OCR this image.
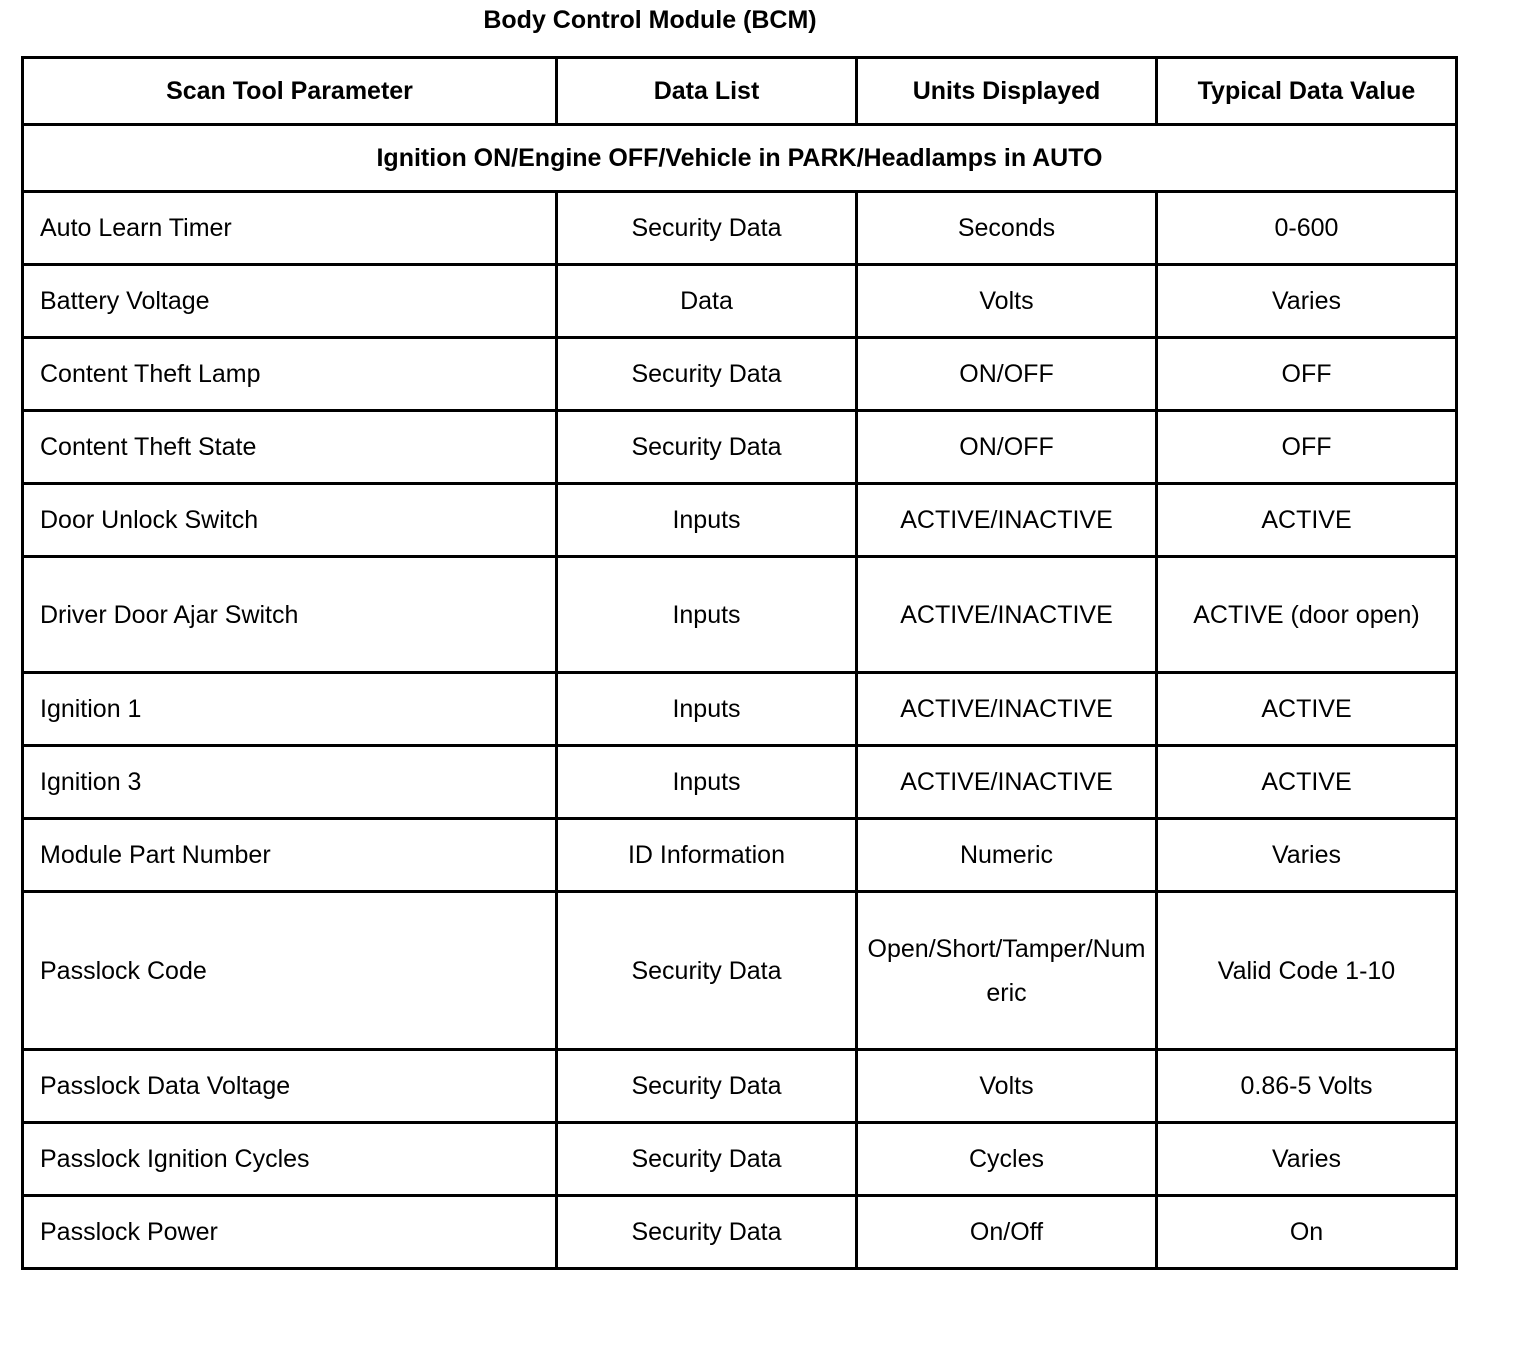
Body Control Module (BCM)
Scan Tool Parameter	Data List	Units Displayed	Typical Data Value
Ignition ON/Engine OFF/Vehicle in PARK/Headlamps in AUTO			
Auto Learn Timer	Security Data	Seconds	0-600
Battery Voltage	Data	Volts	Varies
Content Theft Lamp	Security Data	ON/OFF	OFF
Content Theft State	Security Data	ON/OFF	OFF
Door Unlock Switch	Inputs	ACTIVE/INACTIVE	ACTIVE
Driver Door Ajar Switch	Inputs	ACTIVE/INACTIVE	ACTIVE (door open)
Ignition 1	Inputs	ACTIVE/INACTIVE	ACTIVE
Ignition 3	Inputs	ACTIVE/INACTIVE	ACTIVE
Module Part Number	ID Information	Numeric	Varies
Passlock Code	Security Data	Open/Short/Tamper/Numeric	Valid Code 1-10
Passlock Data Voltage	Security Data	Volts	0.86-5 Volts
Passlock Ignition Cycles	Security Data	Cycles	Varies
Passlock Power	Security Data	On/Off	On
